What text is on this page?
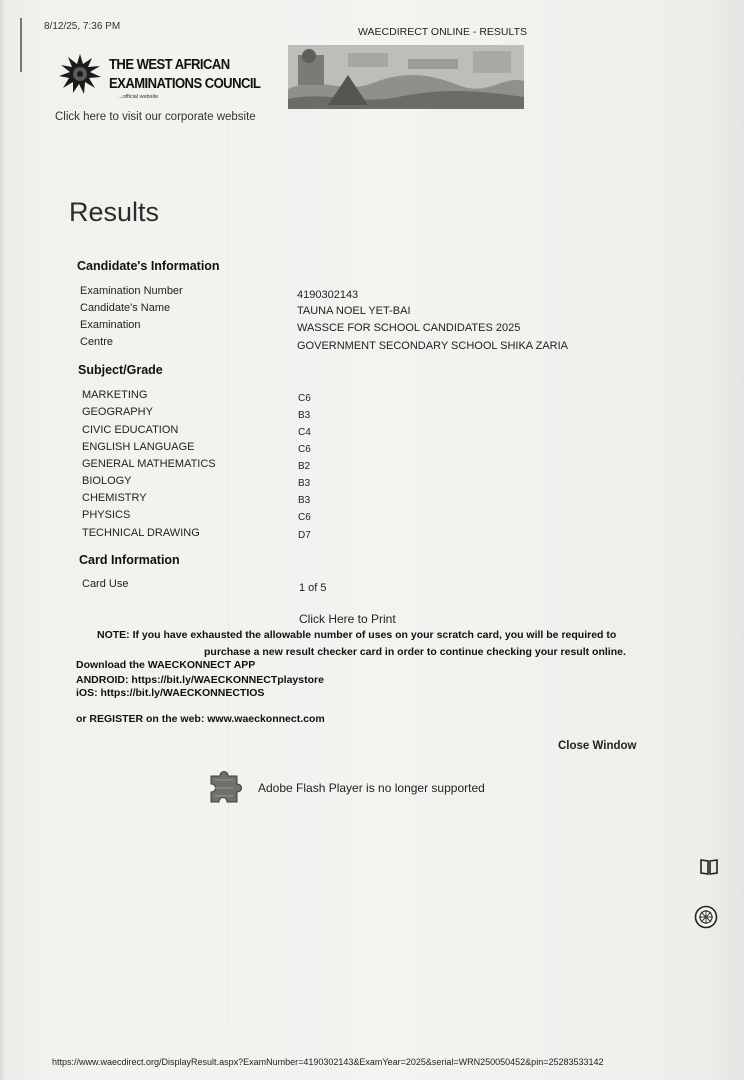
8/12/25, 7:36 PM	WAECDIRECT ONLINE - RESULTS
THE WEST AFRICAN
EXAMINATIONS COUNCIL
...official website
Click here to visit our corporate website
Results
Candidate's Information
Examination Number
Candidate's Name
Examination
Centre
4190302143
TAUNA NOEL YET-BAI
WASSCE FOR SCHOOL CANDIDATES 2025
GOVERNMENT SECONDARY SCHOOL SHIKA ZARIA
Subject/Grade
MARKETING
GEOGRAPHY
CIVIC EDUCATION
ENGLISH LANGUAGE
GENERAL MATHEMATICS
BIOLOGY
CHEMISTRY
PHYSICS
TECHNICAL DRAWING
C6
B3
C4
C6
B2
B3
B3
C6
D7
Card Information
Card Use	1 of 5
Click Here to Print
NOTE: If you have exhausted the allowable number of uses on your scratch card, you will be required to
purchase a new result checker card in order to continue checking your result online.
Download the WAECKONNECT APP
ANDROID: https://bit.ly/WAECKONNECTplaystore
iOS: https://bit.ly/WAECKONNECTIOS
or REGISTER on the web: www.waeckonnect.com
Close Window
Adobe Flash Player is no longer supported
https://www.waecdirect.org/DisplayResult.aspx?ExamNumber=4190302143&ExamYear=2025&serial=WRN250050452&pin=25283533142
